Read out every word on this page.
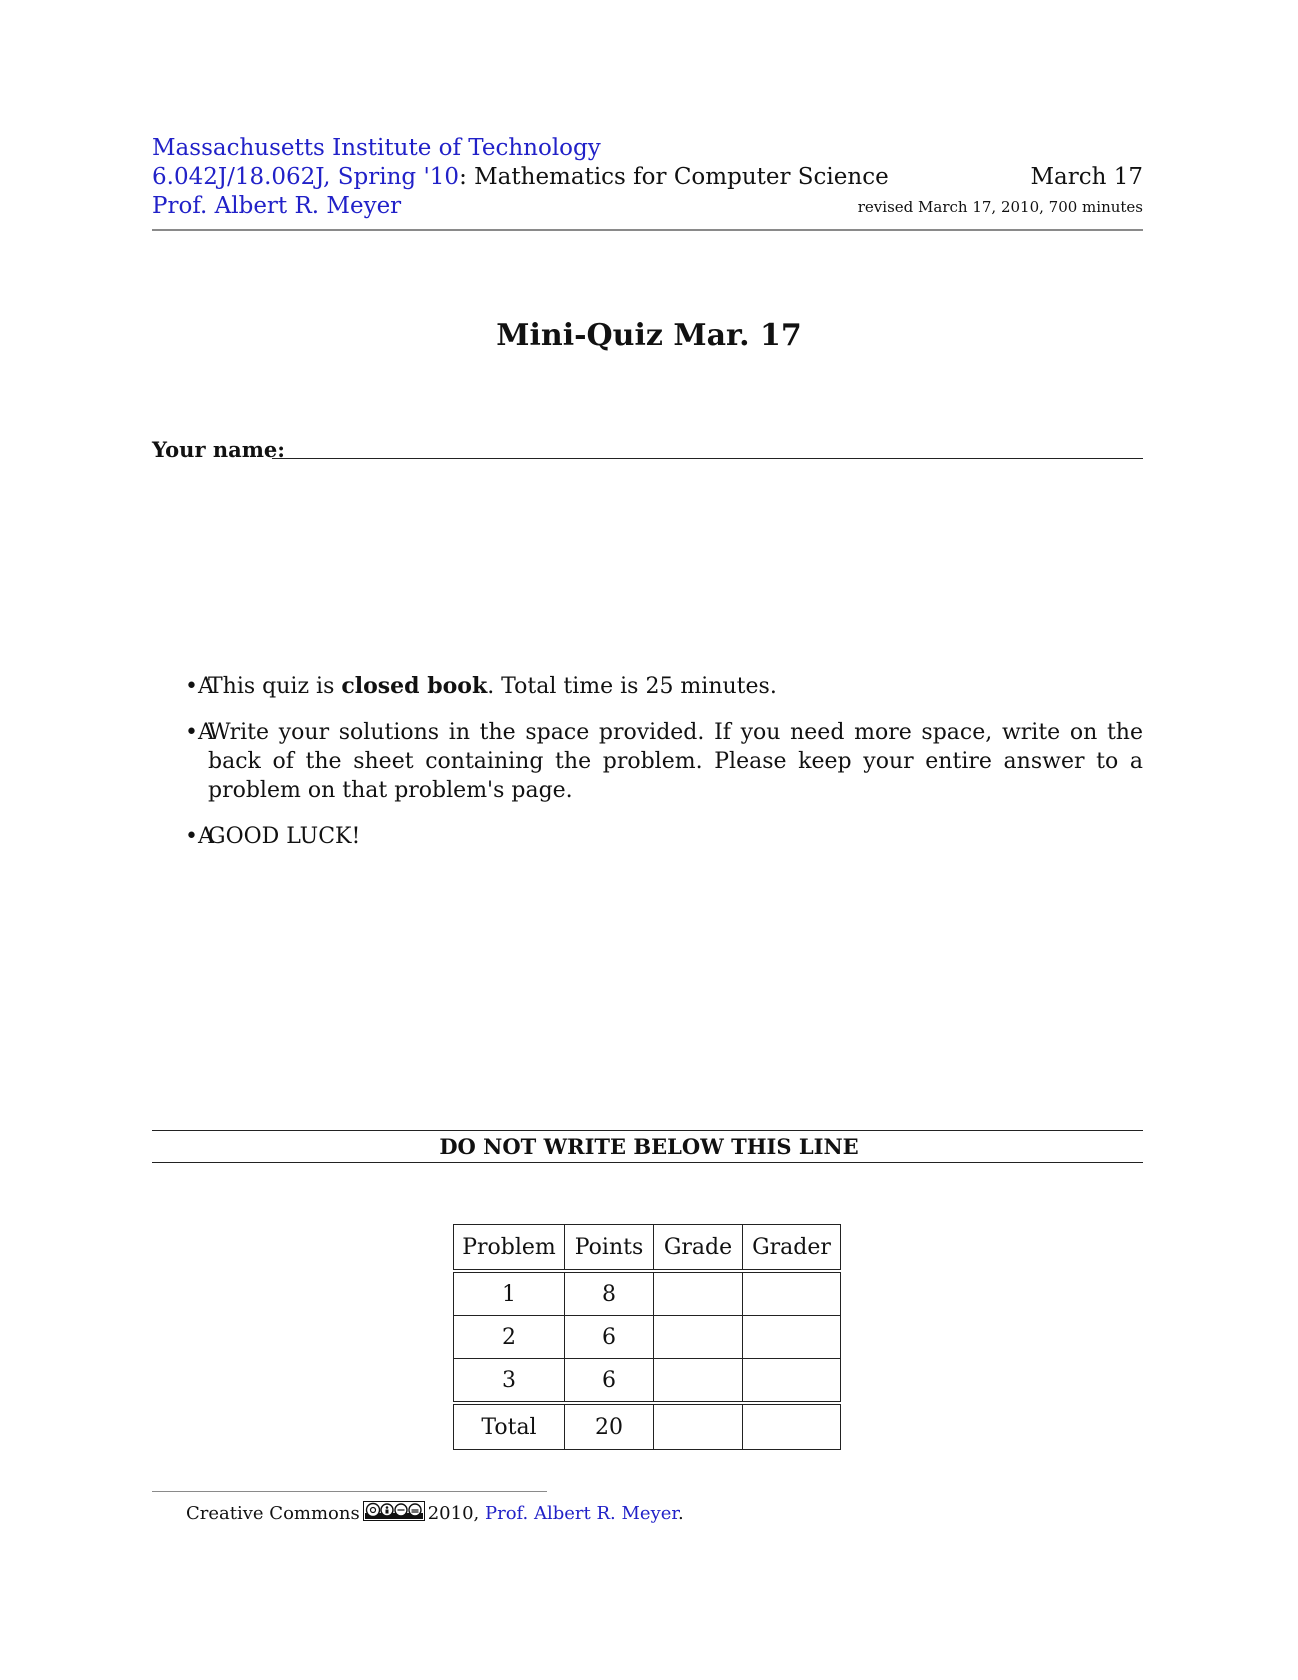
Massachusetts Institute of Technology
6.042J/18.062J, Spring '10: Mathematics for Computer Science
Prof. Albert R. Meyer
March 17
revised March 17, 2010, 700 minutes
Mini-Quiz Mar. 17
Your name:
•A
This quiz is closed book. Total time is 25 minutes.
•A
Write your solutions in the space provided. If you need more space, write on the back of the sheet containing the problem. Please keep your entire answer to a problem on that problem's page.
•A
GOOD LUCK!
DO NOT WRITE BELOW THIS LINE
Problem	Points	Grade	Grader
1	8		
2	6		
3	6		
Total	20		
Creative Commons	2010, Prof. Albert R. Meyer.
